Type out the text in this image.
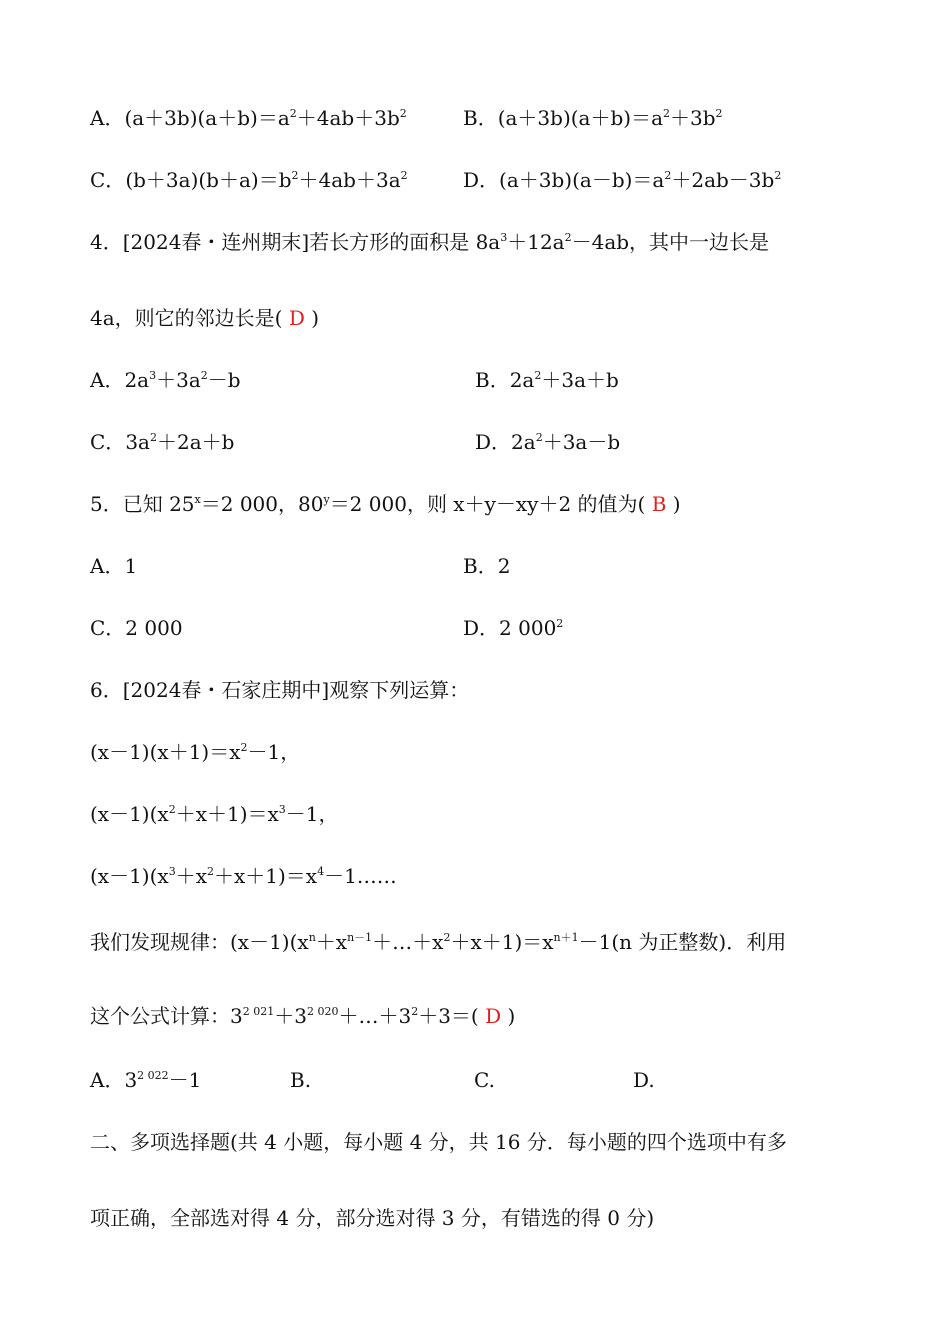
A．$(a+3b)(a+b)=a^2+4ab+3b^2$	B．$(a+3b)(a+b)=a^2+3b^2$
C．$(b+3a)(b+a)=b^2+4ab+3a^2$	D．$(a+3b)(a-b)=a^2+2ab-3b^2$
4．[2024春・连州期末]若长方形的面积是 $8a^3+12a^2-4ab$，其中一边长是
4a，则它的邻边长是( D )
A．$2a^3+3a^2-b$	B．$2a^2+3a+b$
C．$3a^2+2a+b$	D．$2a^2+3a-b$
5．已知 $25^x=2$ 000，$80^y=2$ 000，则 x＋y－xy＋2 的值为( B )
A．1	B．2
C．2 000	D．2 $000^2$
6．[2024春・石家庄期中]观察下列运算：
$(x-1)(x+1)=x^2-1$，
$(x-1)(x^2+x+1)=x^3-1$，
$(x-1)(x^3+x^2+x+1)=x^4-1\dots\dots$
我们发现规律：$(x-1)(x^n+x^{n-1}+\dots+x^2+x+1)=x^{n+1}-1(n$ 为正整数)．利用
这个公式计算：$3^{2 021}+3^{2 020}+\dots+3^2+3=$( D )
A．$3^{2 022}-1$	B.	C.	D.
二、多项选择题(共 4 小题，每小题 4 分，共 16 分．每小题的四个选项中有多
项正确，全部选对得 4 分，部分选对得 3 分，有错选的得 0 分)
